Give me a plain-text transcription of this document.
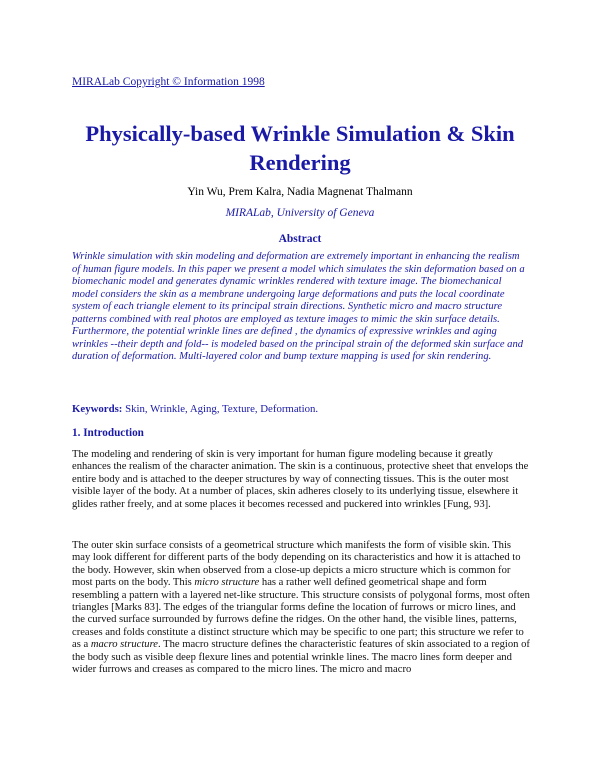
MIRALab Copyright © Information 1998
Physically-based Wrinkle Simulation & Skin Rendering
Yin Wu, Prem Kalra, Nadia Magnenat Thalmann
MIRALab, University of Geneva
Abstract

Wrinkle simulation with skin modeling and deformation are extremely important in enhancing the realism of human figure models. In this paper we present a model which simulates the skin deformation based on a biomechanic model and generates dynamic wrinkles rendered with texture image. The biomechanical model considers the skin as a membrane undergoing large deformations and puts the local coordinate system of each triangle element to its principal strain directions. Synthetic micro and macro structure patterns combined with real photos are employed as texture images to mimic the skin surface details. Furthermore, the potential wrinkle lines are defined , the dynamics of expressive wrinkles and aging wrinkles --their depth and fold-- is modeled based on the principal strain of the deformed skin surface and duration of deformation. Multi-layered color and bump texture mapping is used for skin rendering.

Keywords: Skin, Wrinkle, Aging, Texture, Deformation.
1. Introduction

The modeling and rendering of skin is very important for human figure modeling because it greatly enhances the realism of the character animation. The skin is a continuous, protective sheet that envelops the entire body and is attached to the deeper structures by way of connecting tissues. This is the outer most visible layer of the body. At a number of places, skin adheres closely to its underlying tissue, elsewhere it glides rather freely, and at some places it becomes recessed and puckered into wrinkles [Fung, 93].

The outer skin surface consists of a geometrical structure which manifests the form of visible skin. This may look different for different parts of the body depending on its characteristics and how it is attached to the body. However, skin when observed from a close-up depicts a micro structure which is common for most parts on the body. This micro structure has a rather well defined geometrical shape and form resembling a pattern with a layered net-like structure. This structure consists of polygonal forms, most often triangles [Marks 83]. The edges of the triangular forms define the location of furrows or micro lines, and the curved surface surrounded by furrows define the ridges. On the other hand, the visible lines, patterns, creases and folds constitute a distinct structure which may be specific to one part; this structure we refer to as a macro structure. The macro structure defines the characteristic features of skin associated to a region of the body such as visible deep flexure lines and potential wrinkle lines. The macro lines form deeper and wider furrows and creases as compared to the micro lines. The micro and macro
